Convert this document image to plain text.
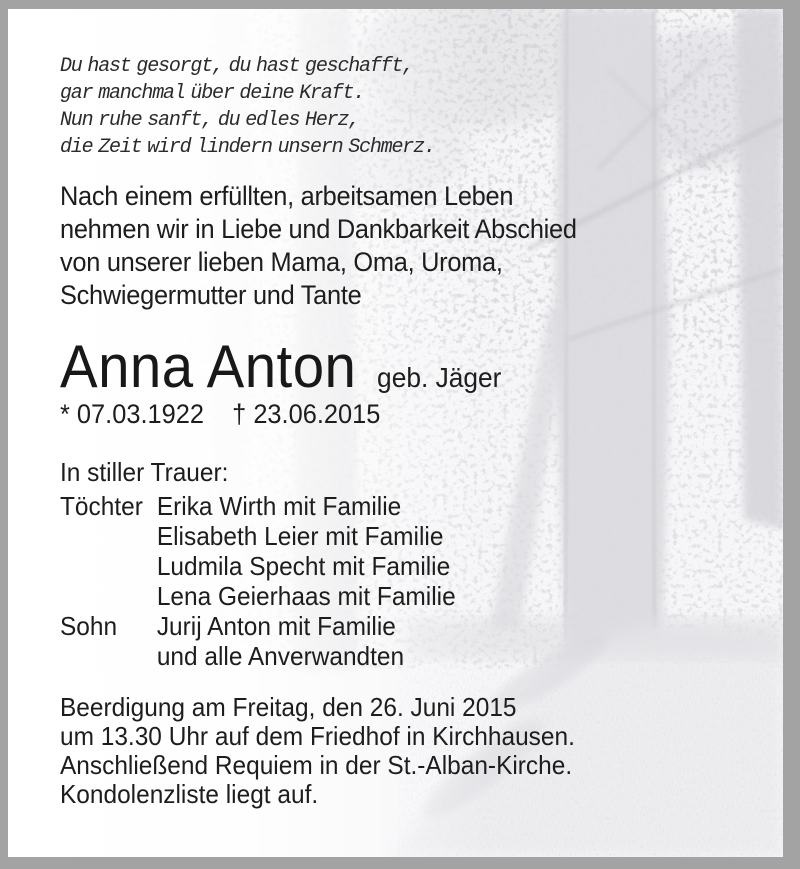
Du hast gesorgt, du hast geschafft,
gar manchmal über deine Kraft.
Nun ruhe sanft, du edles Herz,
die Zeit wird lindern unsern Schmerz.
Nach einem erfüllten, arbeitsamen Leben
nehmen wir in Liebe und Dankbarkeit Abschied
von unserer lieben Mama, Oma, Uroma,
Schwiegermutter und Tante
Anna Anton geb. Jäger
* 07.03.1922 † 23.06.2015
In stiller Trauer:
Töchter Erika Wirth mit Familie
Elisabeth Leier mit Familie
Ludmila Specht mit Familie
Lena Geierhaas mit Familie
Sohn	Jurij Anton mit Familie
und alle Anverwandten
Beerdigung am Freitag, den 26. Juni 2015
um 13.30 Uhr auf dem Friedhof in Kirchhausen.
Anschließend Requiem in der St.-Alban-Kirche.
Kondolenzliste liegt auf.
